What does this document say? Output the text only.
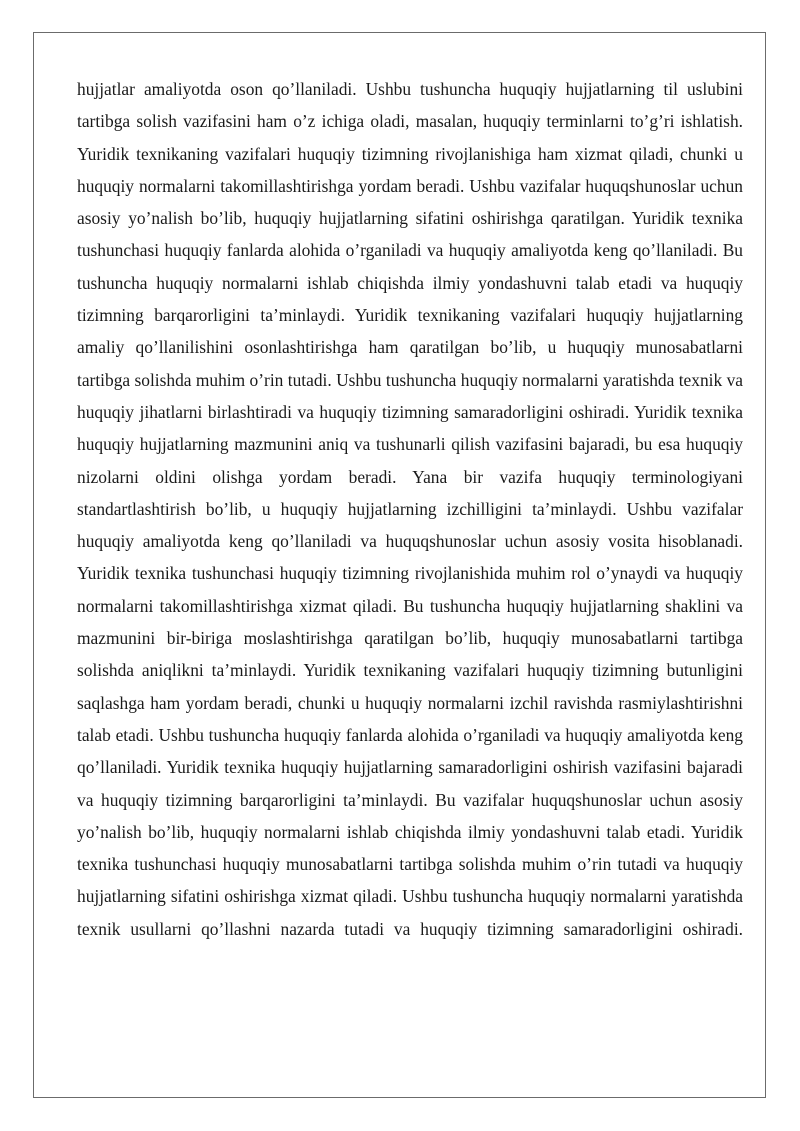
hujjatlar amaliyotda oson qo’llaniladi. Ushbu tushuncha huquqiy hujjatlarning til uslubini tartibga solish vazifasini ham o’z ichiga oladi, masalan, huquqiy terminlarni to’g’ri ishlatish. Yuridik texnikaning vazifalari huquqiy tizimning rivojlanishiga ham xizmat qiladi, chunki u huquqiy normalarni takomillashtirishga yordam beradi. Ushbu vazifalar huquqshunoslar uchun asosiy yo’nalish bo’lib, huquqiy hujjatlarning sifatini oshirishga qaratilgan. Yuridik texnika tushunchasi huquqiy fanlarda alohida o’rganiladi va huquqiy amaliyotda keng qo’llaniladi. Bu tushuncha huquqiy normalarni ishlab chiqishda ilmiy yondashuvni talab etadi va huquqiy tizimning barqarorligini ta’minlaydi. Yuridik texnikaning vazifalari huquqiy hujjatlarning amaliy qo’llanilishini osonlashtirishga ham qaratilgan bo’lib, u huquqiy munosabatlarni tartibga solishda muhim o’rin tutadi. Ushbu tushuncha huquqiy normalarni yaratishda texnik va huquqiy jihatlarni birlashtiradi va huquqiy tizimning samaradorligini oshiradi. Yuridik texnika huquqiy hujjatlarning mazmunini aniq va tushunarli qilish vazifasini bajaradi, bu esa huquqiy nizolarni oldini olishga yordam beradi. Yana bir vazifa huquqiy terminologiyani standartlashtirish bo’lib, u huquqiy hujjatlarning izchilligini ta’minlaydi. Ushbu vazifalar huquqiy amaliyotda keng qo’llaniladi va huquqshunoslar uchun asosiy vosita hisoblanadi. Yuridik texnika tushunchasi huquqiy tizimning rivojlanishida muhim rol o’ynaydi va huquqiy normalarni takomillashtirishga xizmat qiladi. Bu tushuncha huquqiy hujjatlarning shaklini va mazmunini bir-biriga moslashtirishga qaratilgan bo’lib, huquqiy munosabatlarni tartibga solishda aniqlikni ta’minlaydi. Yuridik texnikaning vazifalari huquqiy tizimning butunligini saqlashga ham yordam beradi, chunki u huquqiy normalarni izchil ravishda rasmiylashtirishni talab etadi. Ushbu tushuncha huquqiy fanlarda alohida o’rganiladi va huquqiy amaliyotda keng qo’llaniladi. Yuridik texnika huquqiy hujjatlarning samaradorligini oshirish vazifasini bajaradi va huquqiy tizimning barqarorligini ta’minlaydi. Bu vazifalar huquqshunoslar uchun asosiy yo’nalish bo’lib, huquqiy normalarni ishlab chiqishda ilmiy yondashuvni talab etadi. Yuridik texnika tushunchasi huquqiy munosabatlarni tartibga solishda muhim o’rin tutadi va huquqiy hujjatlarning sifatini oshirishga xizmat qiladi. Ushbu tushuncha huquqiy normalarni yaratishda texnik usullarni qo’llashni nazarda tutadi va huquqiy tizimning samaradorligini oshiradi.
